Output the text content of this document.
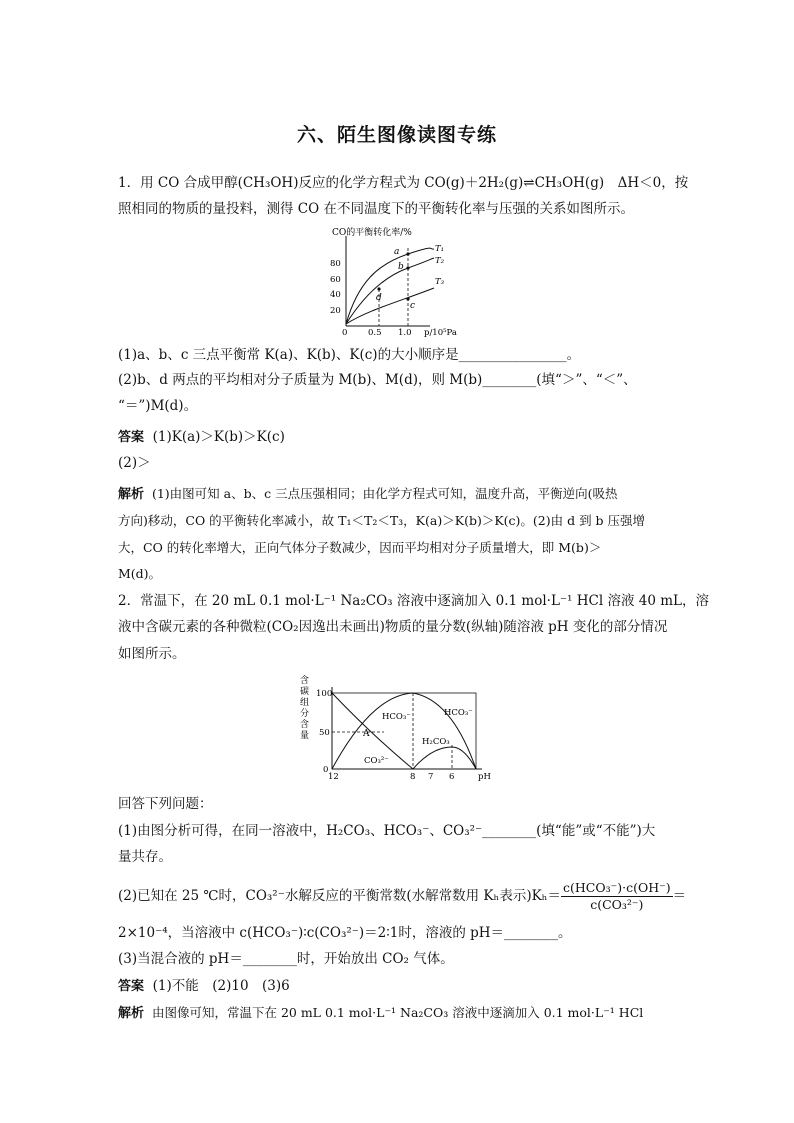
六、陌生图像读图专练
1．用 CO 合成甲醇(CH₃OH)反应的化学方程式为 CO(g)＋2H₂(g)⇌CH₃OH(g)　ΔH＜0，按
照相同的物质的量投料，测得 CO 在不同温度下的平衡转化率与压强的关系如图所示。
CO的平衡转化率/%
80
60
40
20
0 0.5 1.0 p/10⁵Pa
a
b
c
d
T₁
T₂
T₃
(1)a、b、c 三点平衡常 K(a)、K(b)、K(c)的大小顺序是________________。
(2)b、d 两点的平均相对分子质量为 M(b)、M(d)，则 M(b)________(填“＞”、“＜”、
“＝”)M(d)。
答案 (1)K(a)＞K(b)＞K(c)
(2)＞
解析 (1)由图可知 a、b、c 三点压强相同；由化学方程式可知，温度升高，平衡逆向(吸热
方向)移动，CO 的平衡转化率减小，故 T₁＜T₂＜T₃，K(a)＞K(b)＞K(c)。(2)由 d 到 b 压强增
大，CO 的转化率增大，正向气体分子数减少，因而平均相对分子质量增大，即 M(b)＞
M(d)。
2．常温下，在 20 mL 0.1 mol·L⁻¹ Na₂CO₃ 溶液中逐滴加入 0.1 mol·L⁻¹ HCl 溶液 40 mL，溶
液中含碳元素的各种微粒(CO₂因逸出未画出)物质的量分数(纵轴)随溶液 pH 变化的部分情况
如图所示。
含
碳
组
分
含
量
100
50
0
12	8 7 6	pH
HCO₃⁻	HCO₃⁻
H₂CO₃
CO₃²⁻
A
回答下列问题：
(1)由图分析可得，在同一溶液中，H₂CO₃、HCO₃⁻、CO₃²⁻________(填“能”或“不能”)大
量共存。
(2)已知在 25 ℃时，CO₃²⁻水解反应的平衡常数(水解常数用 Kₕ表示)$K_h= \frac{\text{c(HCO₃⁻)·c(OH⁻)}}{\text{c(CO₃²⁻)}}$ ＝
2×10⁻⁴，当溶液中 c(HCO₃⁻)∶c(CO₃²⁻)＝2∶1时，溶液的 pH＝________。
(3)当混合液的 pH＝________时，开始放出 CO₂ 气体。
答案 (1)不能　(2)10　(3)6
解析 由图像可知，常温下在 20 mL 0.1 mol·L⁻¹ Na₂CO₃ 溶液中逐滴加入 0.1 mol·L⁻¹ HCl
